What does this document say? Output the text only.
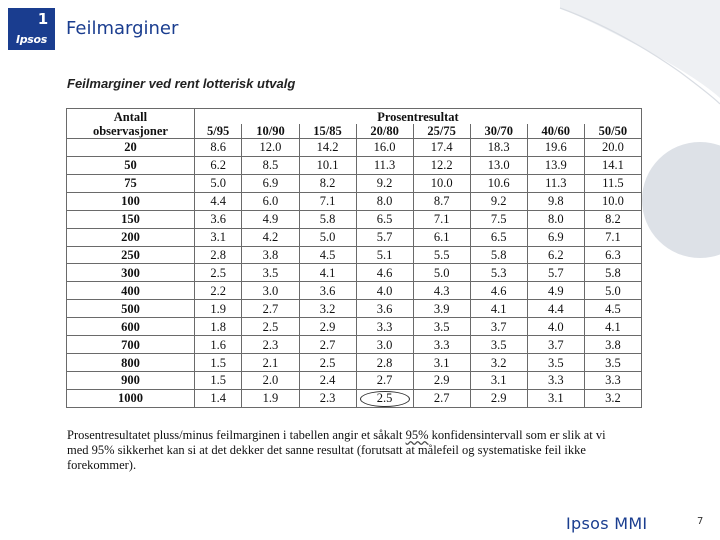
1
Ipsos
Feilmarginer
Feilmarginer ved rent lotterisk utvalg
Antall	Prosentresultat							
observasjoner	5/95	10/90	15/85	20/80	25/75	30/70	40/60	50/50
20	8.6	12.0	14.2	16.0	17.4	18.3	19.6	20.0
50	6.2	8.5	10.1	11.3	12.2	13.0	13.9	14.1
75	5.0	6.9	8.2	9.2	10.0	10.6	11.3	11.5
100	4.4	6.0	7.1	8.0	8.7	9.2	9.8	10.0
150	3.6	4.9	5.8	6.5	7.1	7.5	8.0	8.2
200	3.1	4.2	5.0	5.7	6.1	6.5	6.9	7.1
250	2.8	3.8	4.5	5.1	5.5	5.8	6.2	6.3
300	2.5	3.5	4.1	4.6	5.0	5.3	5.7	5.8
400	2.2	3.0	3.6	4.0	4.3	4.6	4.9	5.0
500	1.9	2.7	3.2	3.6	3.9	4.1	4.4	4.5
600	1.8	2.5	2.9	3.3	3.5	3.7	4.0	4.1
700	1.6	2.3	2.7	3.0	3.3	3.5	3.7	3.8
800	1.5	2.1	2.5	2.8	3.1	3.2	3.5	3.5
900	1.5	2.0	2.4	2.7	2.9	3.1	3.3	3.3
1000	1.4	1.9	2.3	2.5	2.7	2.9	3.1	3.2
Prosentresultatet pluss/minus feilmarginen i tabellen angir et såkalt 95% konfidensintervall som er slik at vi med 95% sikkerhet kan si at det dekker det sanne resultat (forutsatt at målefeil og systematiske feil ikke forekommer).
Ipsos MMI	7
